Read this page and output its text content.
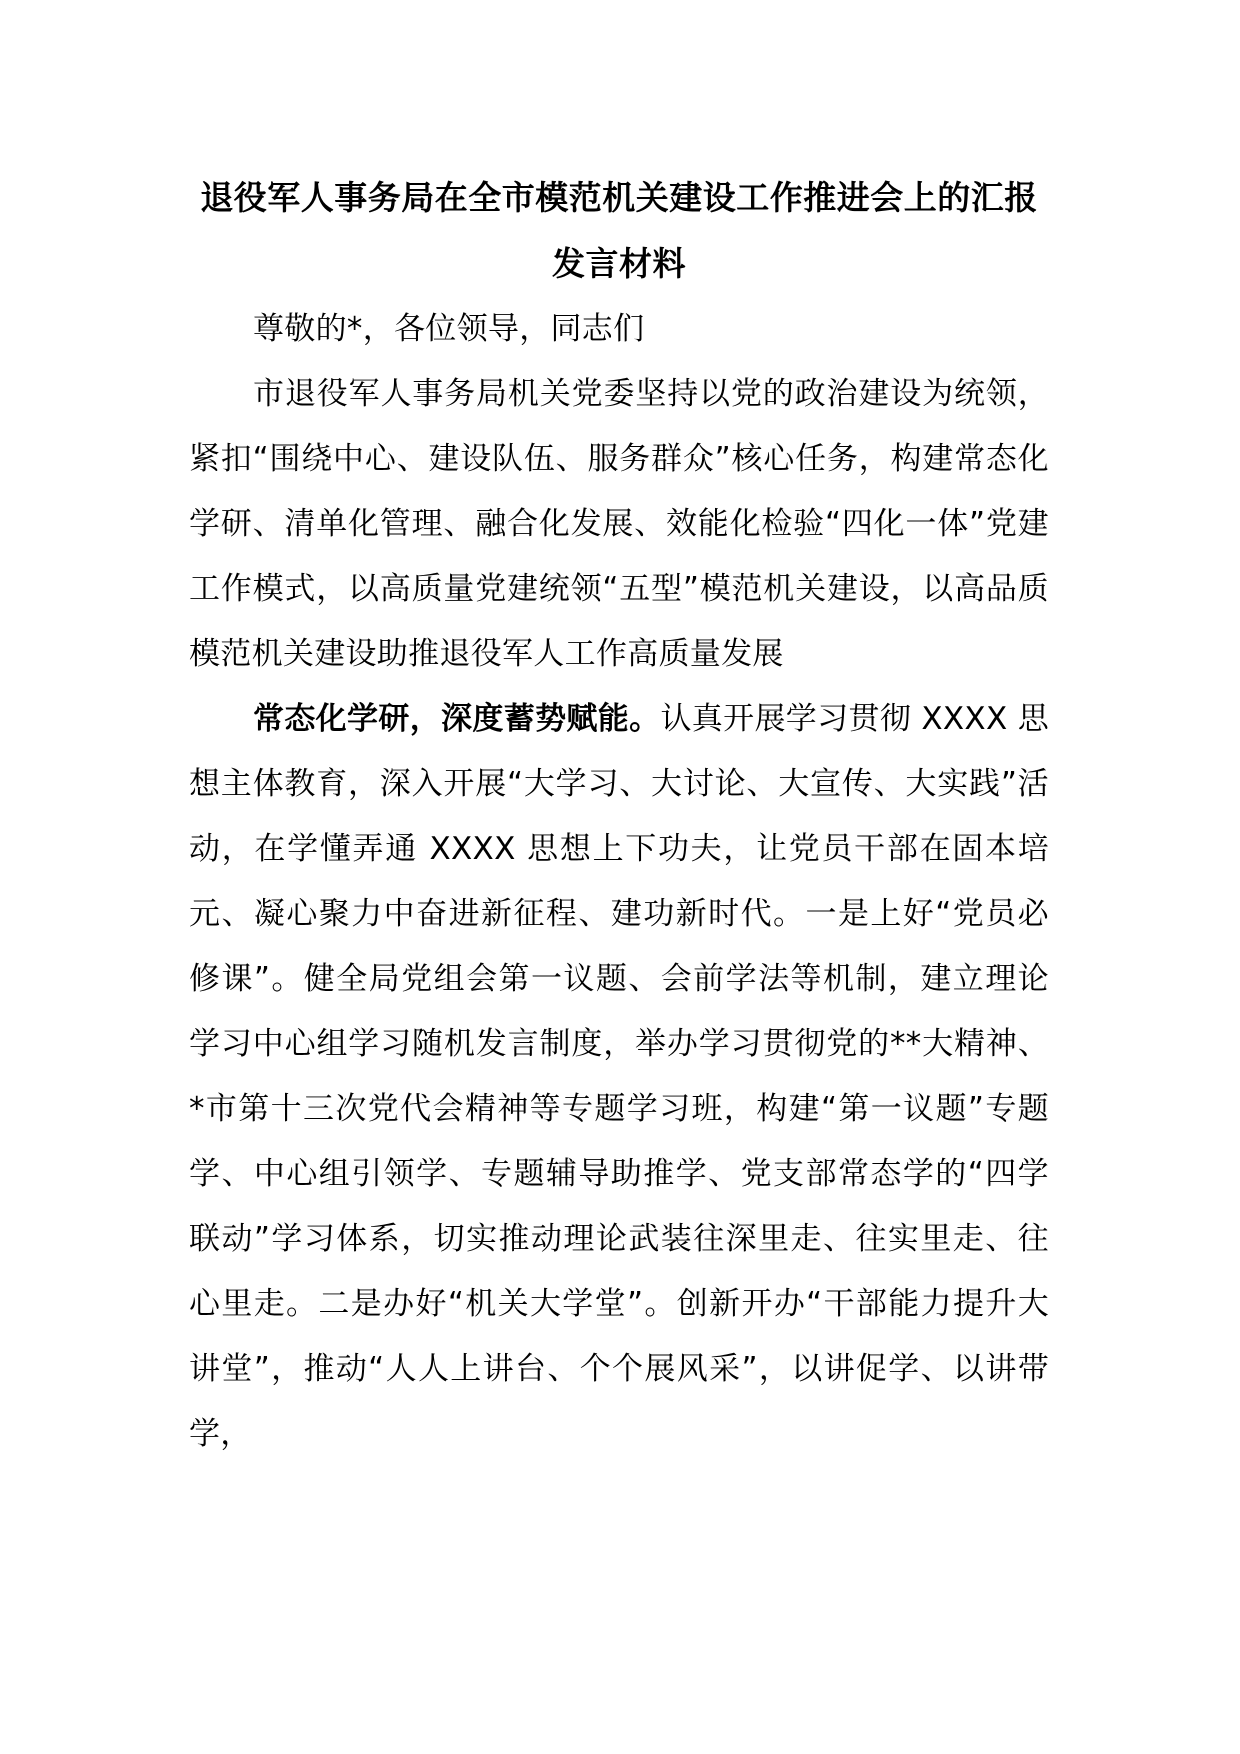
退役军人事务局在全市模范机关建设工作推进会上的汇报
发言材料

尊敬的*，各位领导，同志们

市退役军人事务局机关党委坚持以党的政治建设为统领，紧扣“围绕中心、建设队伍、服务群众”核心任务，构建常态化学研、清单化管理、融合化发展、效能化检验“四化一体”党建工作模式，以高质量党建统领“五型”模范机关建设，以高品质模范机关建设助推退役军人工作高质量发展

常态化学研，深度蓄势赋能。认真开展学习贯彻 XXXX 思想主体教育，深入开展“大学习、大讨论、大宣传、大实践”活动，在学懂弄通 XXXX 思想上下功夫，让党员干部在固本培元、凝心聚力中奋进新征程、建功新时代。一是上好“党员必修课”。健全局党组会第一议题、会前学法等机制，建立理论学习中心组学习随机发言制度，举办学习贯彻党的**大精神、*市第十三次党代会精神等专题学习班，构建“第一议题”专题学、中心组引领学、专题辅导助推学、党支部常态学的“四学联动”学习体系，切实推动理论武装往深里走、往实里走、往心里走。二是办好“机关大学堂”。创新开办“干部能力提升大讲堂”，推动“人人上讲台、个个展风采”，以讲促学、以讲带学，
